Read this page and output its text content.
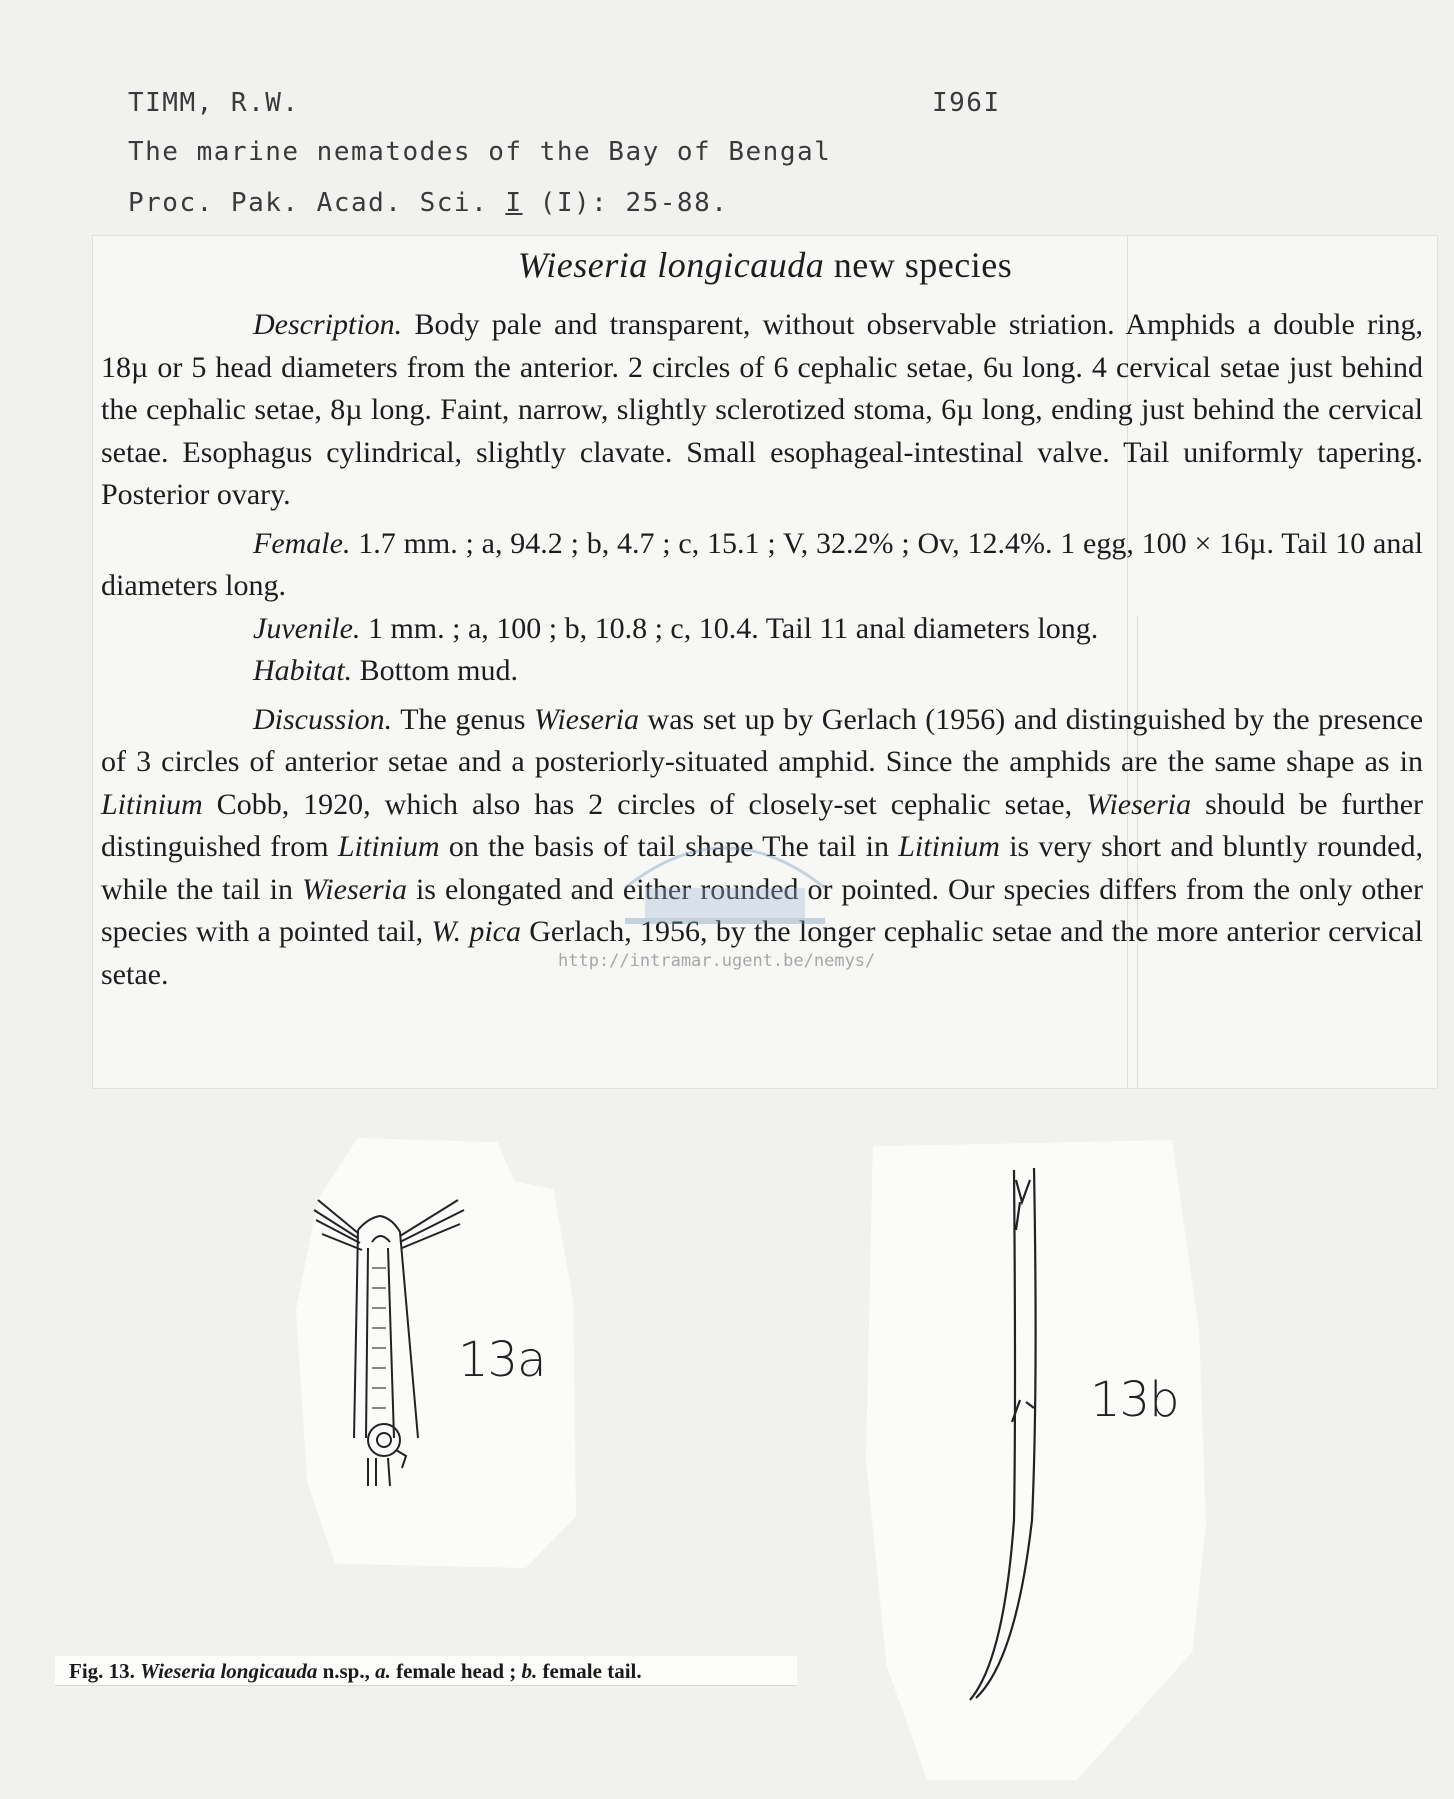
TIMM, R.W.	I96I
The marine nematodes of the Bay of Bengal
Proc. Pak. Acad. Sci. I (I): 25-88.
Wieseria longicauda new species

Description. Body pale and transparent, without observable striation. Amphids a double ring, 18µ or 5 head diameters from the anterior. 2 circles of 6 cephalic setae, 6u long. 4 cervical setae just behind the cephalic setae, 8µ long. Faint, narrow, slightly sclerotized stoma, 6µ long, ending just behind the cervical setae. Esophagus cylindrical, slightly clavate. Small esophageal-intestinal valve. Tail uniformly tapering. Posterior ovary.

Female. 1.7 mm. ; a, 94.2 ; b, 4.7 ; c, 15.1 ; V, 32.2% ; Ov, 12.4%. 1 egg, 100 × 16µ. Tail 10 anal diameters long.

Juvenile. 1 mm. ; a, 100 ; b, 10.8 ; c, 10.4. Tail 11 anal diameters long.

Habitat. Bottom mud.

Discussion. The genus Wieseria was set up by Gerlach (1956) and distinguished by the presence of 3 circles of anterior setae and a posteriorly-situated amphid. Since the amphids are the same shape as in Litinium Cobb, 1920, which also has 2 circles of closely-set cephalic setae, Wieseria should be further distinguished from Litinium on the basis of tail shape The tail in Litinium is very short and bluntly rounded, while the tail in Wieseria is elongated and either rounded or pointed. Our species differs from the only other species with a pointed tail, W. pica Gerlach, 1956, by the longer cephalic setae and the more anterior cervical setae.	http://intramar.ugent.be/nemys/
13a
13b
Fig. 13. Wieseria longicauda n.sp., a. female head ; b. female tail.
